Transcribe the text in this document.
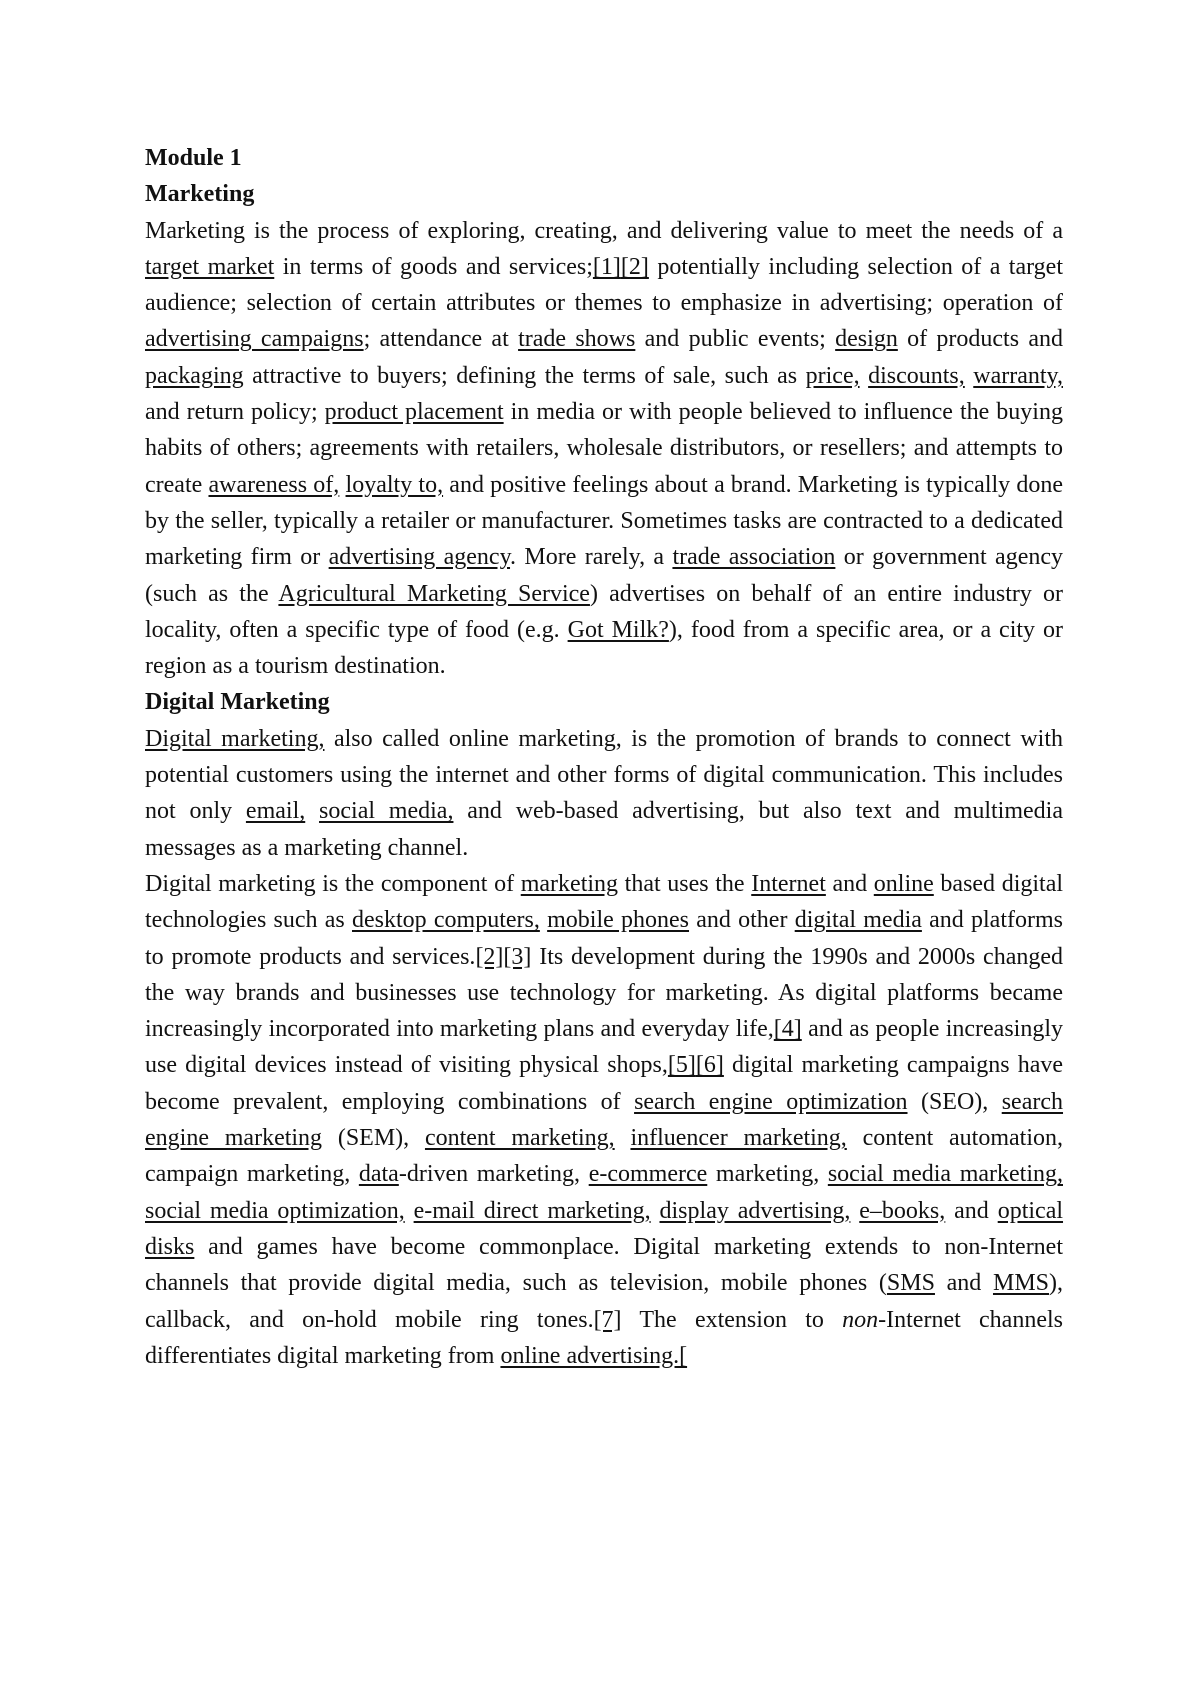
Module 1

Marketing

Marketing is the process of exploring, creating, and delivering value to meet the needs of a target market in terms of goods and services;[1][2] potentially including selection of a target audience; selection of certain attributes or themes to emphasize in advertising; operation of advertising campaigns; attendance at trade shows and public events; design of products and packaging attractive to buyers; defining the terms of sale, such as price, discounts, warranty, and return policy; product placement in media or with people believed to influence the buying habits of others; agreements with retailers, wholesale distributors, or resellers; and attempts to create awareness of, loyalty to, and positive feelings about a brand. Marketing is typically done by the seller, typically a retailer or manufacturer. Sometimes tasks are contracted to a dedicated marketing firm or advertising agency. More rarely, a trade association or government agency (such as the Agricultural Marketing Service) advertises on behalf of an entire industry or locality, often a specific type of food (e.g. Got Milk?), food from a specific area, or a city or region as a tourism destination.

Digital Marketing

Digital marketing, also called online marketing, is the promotion of brands to connect with potential customers using the internet and other forms of digital communication. This includes not only email, social media, and web-based advertising, but also text and multimedia messages as a marketing channel.

Digital marketing is the component of marketing that uses the Internet and online based digital technologies such as desktop computers, mobile phones and other digital media and platforms to promote products and services.[2][3] Its development during the 1990s and 2000s changed the way brands and businesses use technology for marketing. As digital platforms became increasingly incorporated into marketing plans and everyday life,[4] and as people increasingly use digital devices instead of visiting physical shops,[5][6] digital marketing campaigns have become prevalent, employing combinations of search engine optimization (SEO), search engine marketing (SEM), content marketing, influencer marketing, content automation, campaign marketing, data-driven marketing, e-commerce marketing, social media marketing, social media optimization, e-mail direct marketing, display advertising, e–books, and optical disks and games have become commonplace. Digital marketing extends to non-Internet channels that provide digital media, such as television, mobile phones (SMS and MMS), callback, and on-hold mobile ring tones.[7] The extension to non-Internet channels differentiates digital marketing from online advertising.[
